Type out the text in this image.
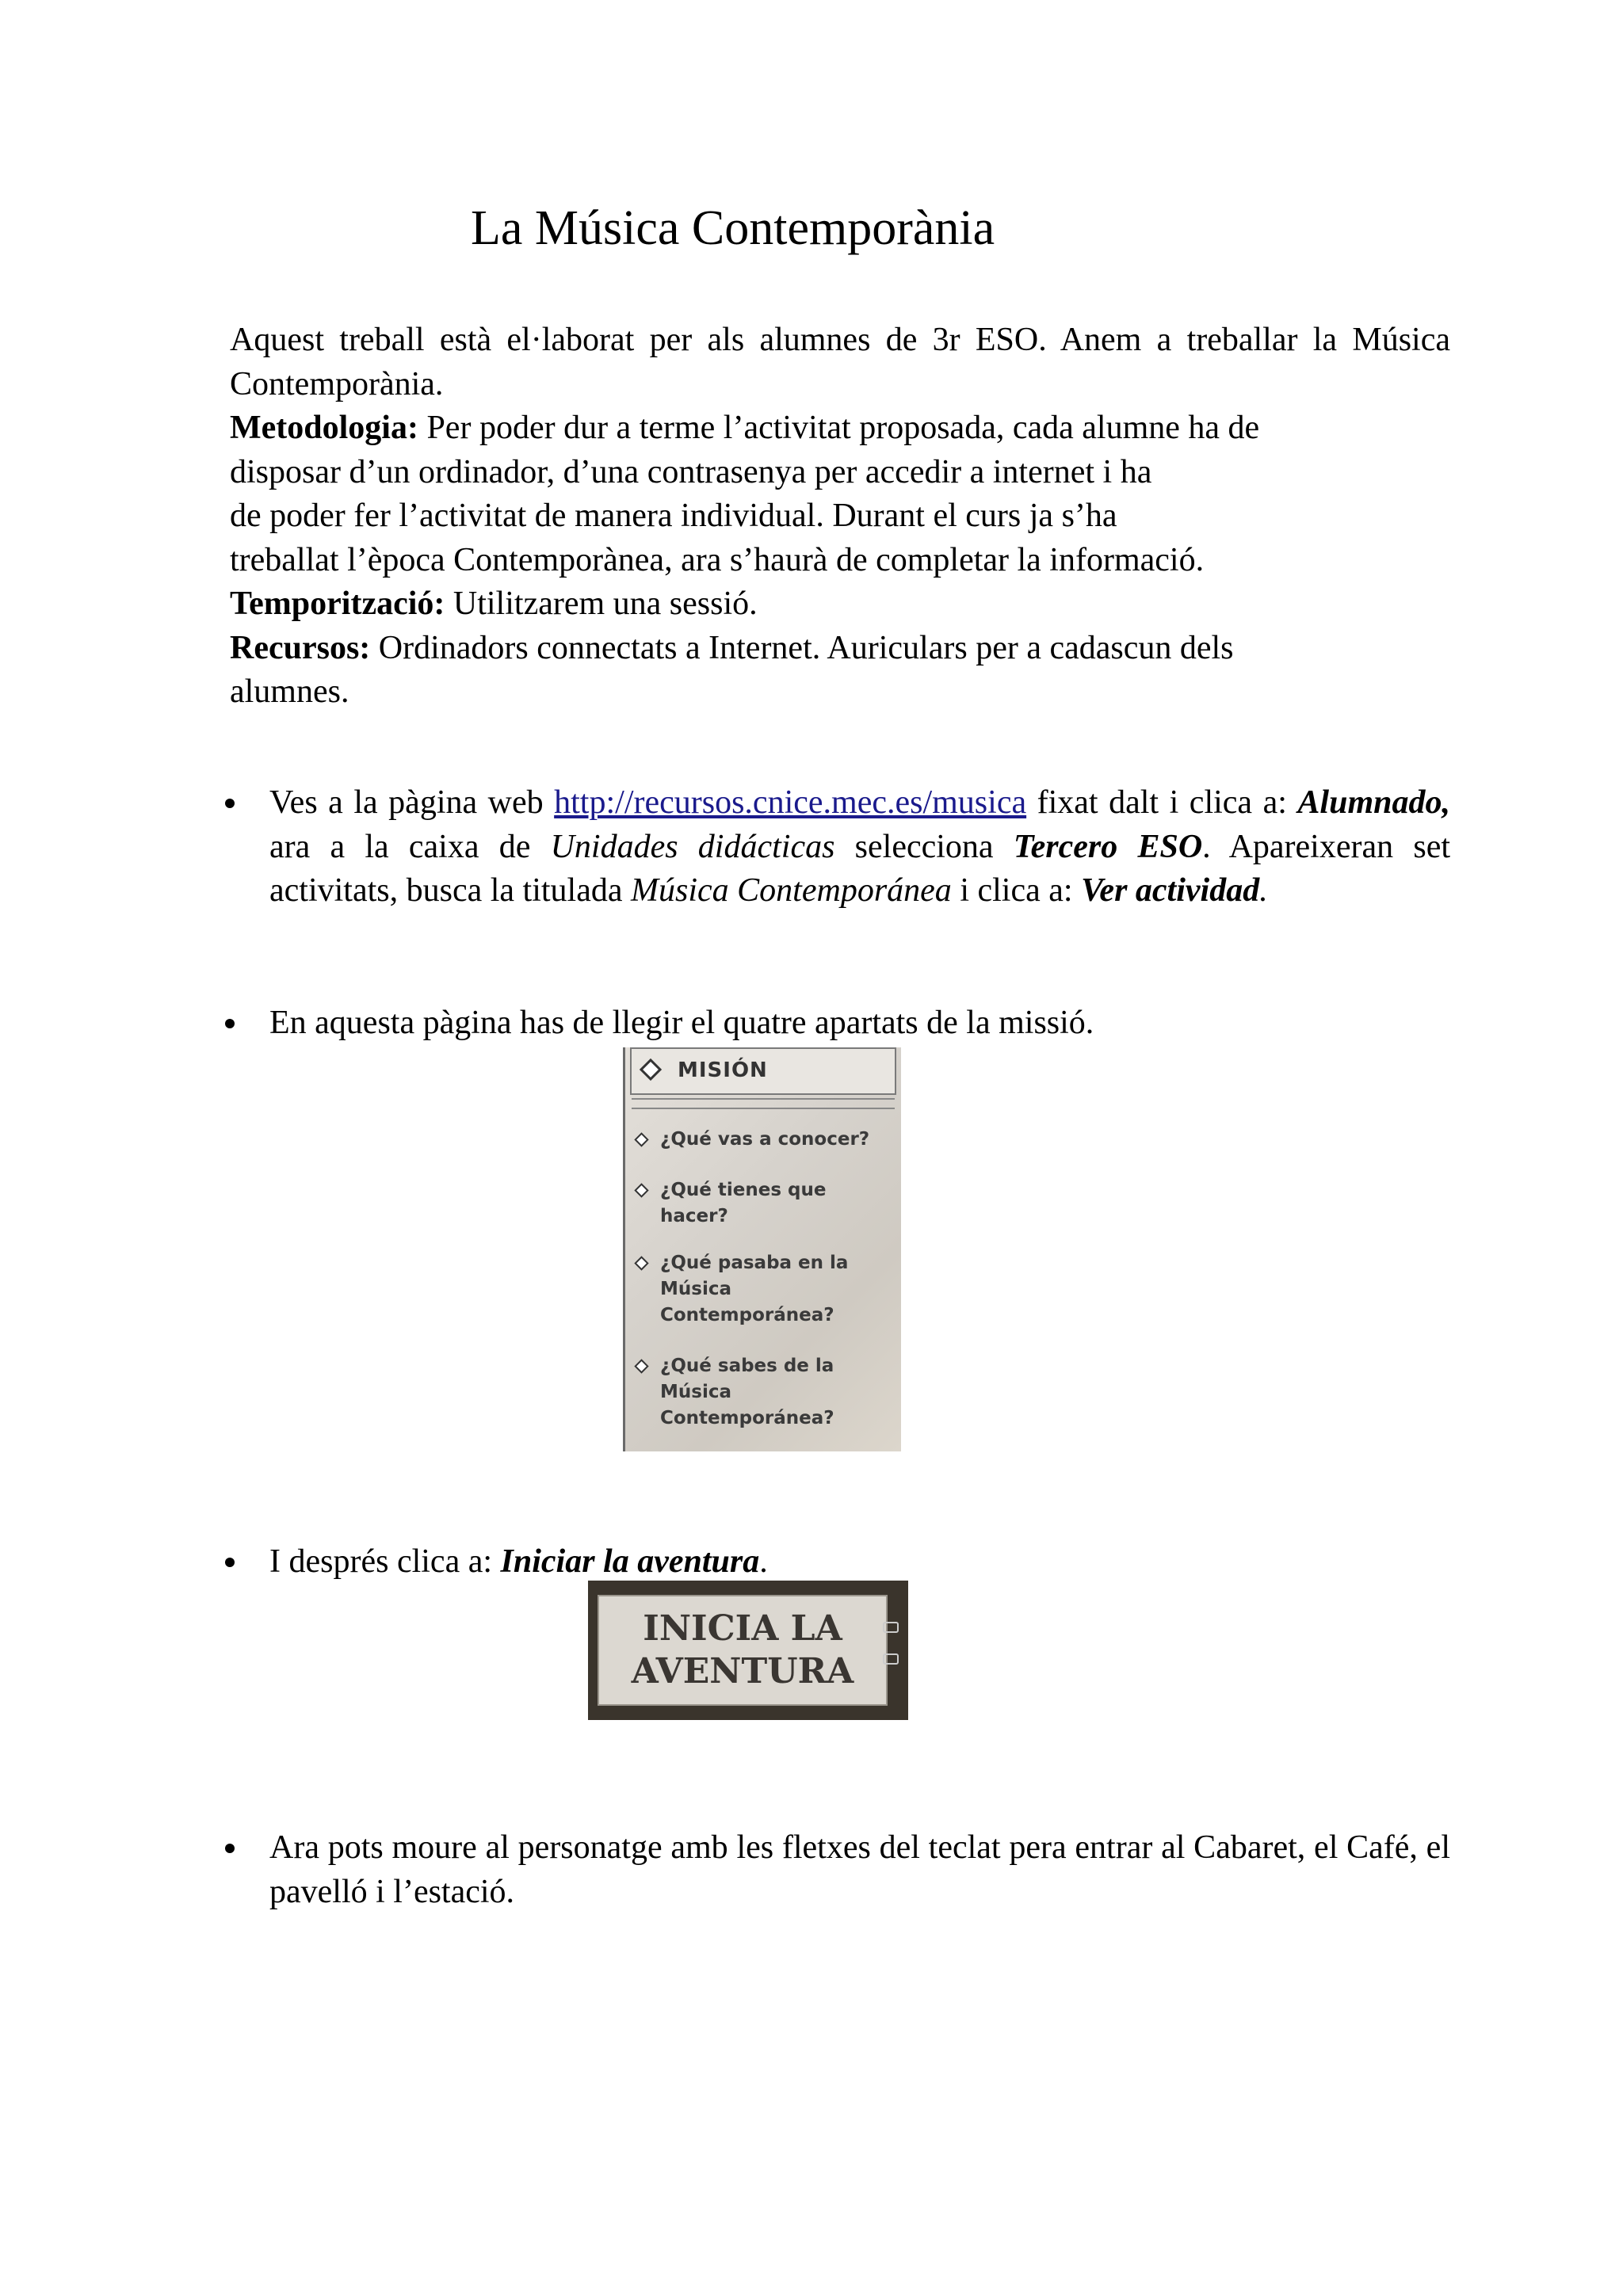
La Música Contemporània

Aquest treball està el·laborat per als alumnes de 3r ESO. Anem a treballar la Música Contemporània.

Metodologia: Per poder dur a terme l’activitat proposada, cada alumne ha de

disposar d’un ordinador, d’una contrasenya per accedir a internet i ha

de poder fer l’activitat de manera individual. Durant el curs ja s’ha

treballat l’època Contemporànea, ara s’haurà de completar la informació.

Temporització: Utilitzarem una sessió.

Recursos: Ordinadors connectats a Internet. Auriculars per a cadascun dels

alumnes.

Ves a la pàgina web http://recursos.cnice.mec.es/musica fixat dalt i clica a: Alumnado, ara a la caixa de Unidades didácticas selecciona Tercero ESO. Apareixeran set activitats, busca la titulada Música Contemporánea i clica a: Ver actividad.
En aquesta pàgina has de llegir el quatre apartats de la missió.
MISIÓN
¿Qué vas a conocer?
¿Qué tienes que hacer?
¿Qué pasaba en la Música Contemporánea?
¿Qué sabes de la Música Contemporánea?
I després clica a: Iniciar la aventura.
INICIA LA
AVENTURA
Ara pots moure al personatge amb les fletxes del teclat pera entrar al Cabaret, el Café, el pavelló i l’estació.
